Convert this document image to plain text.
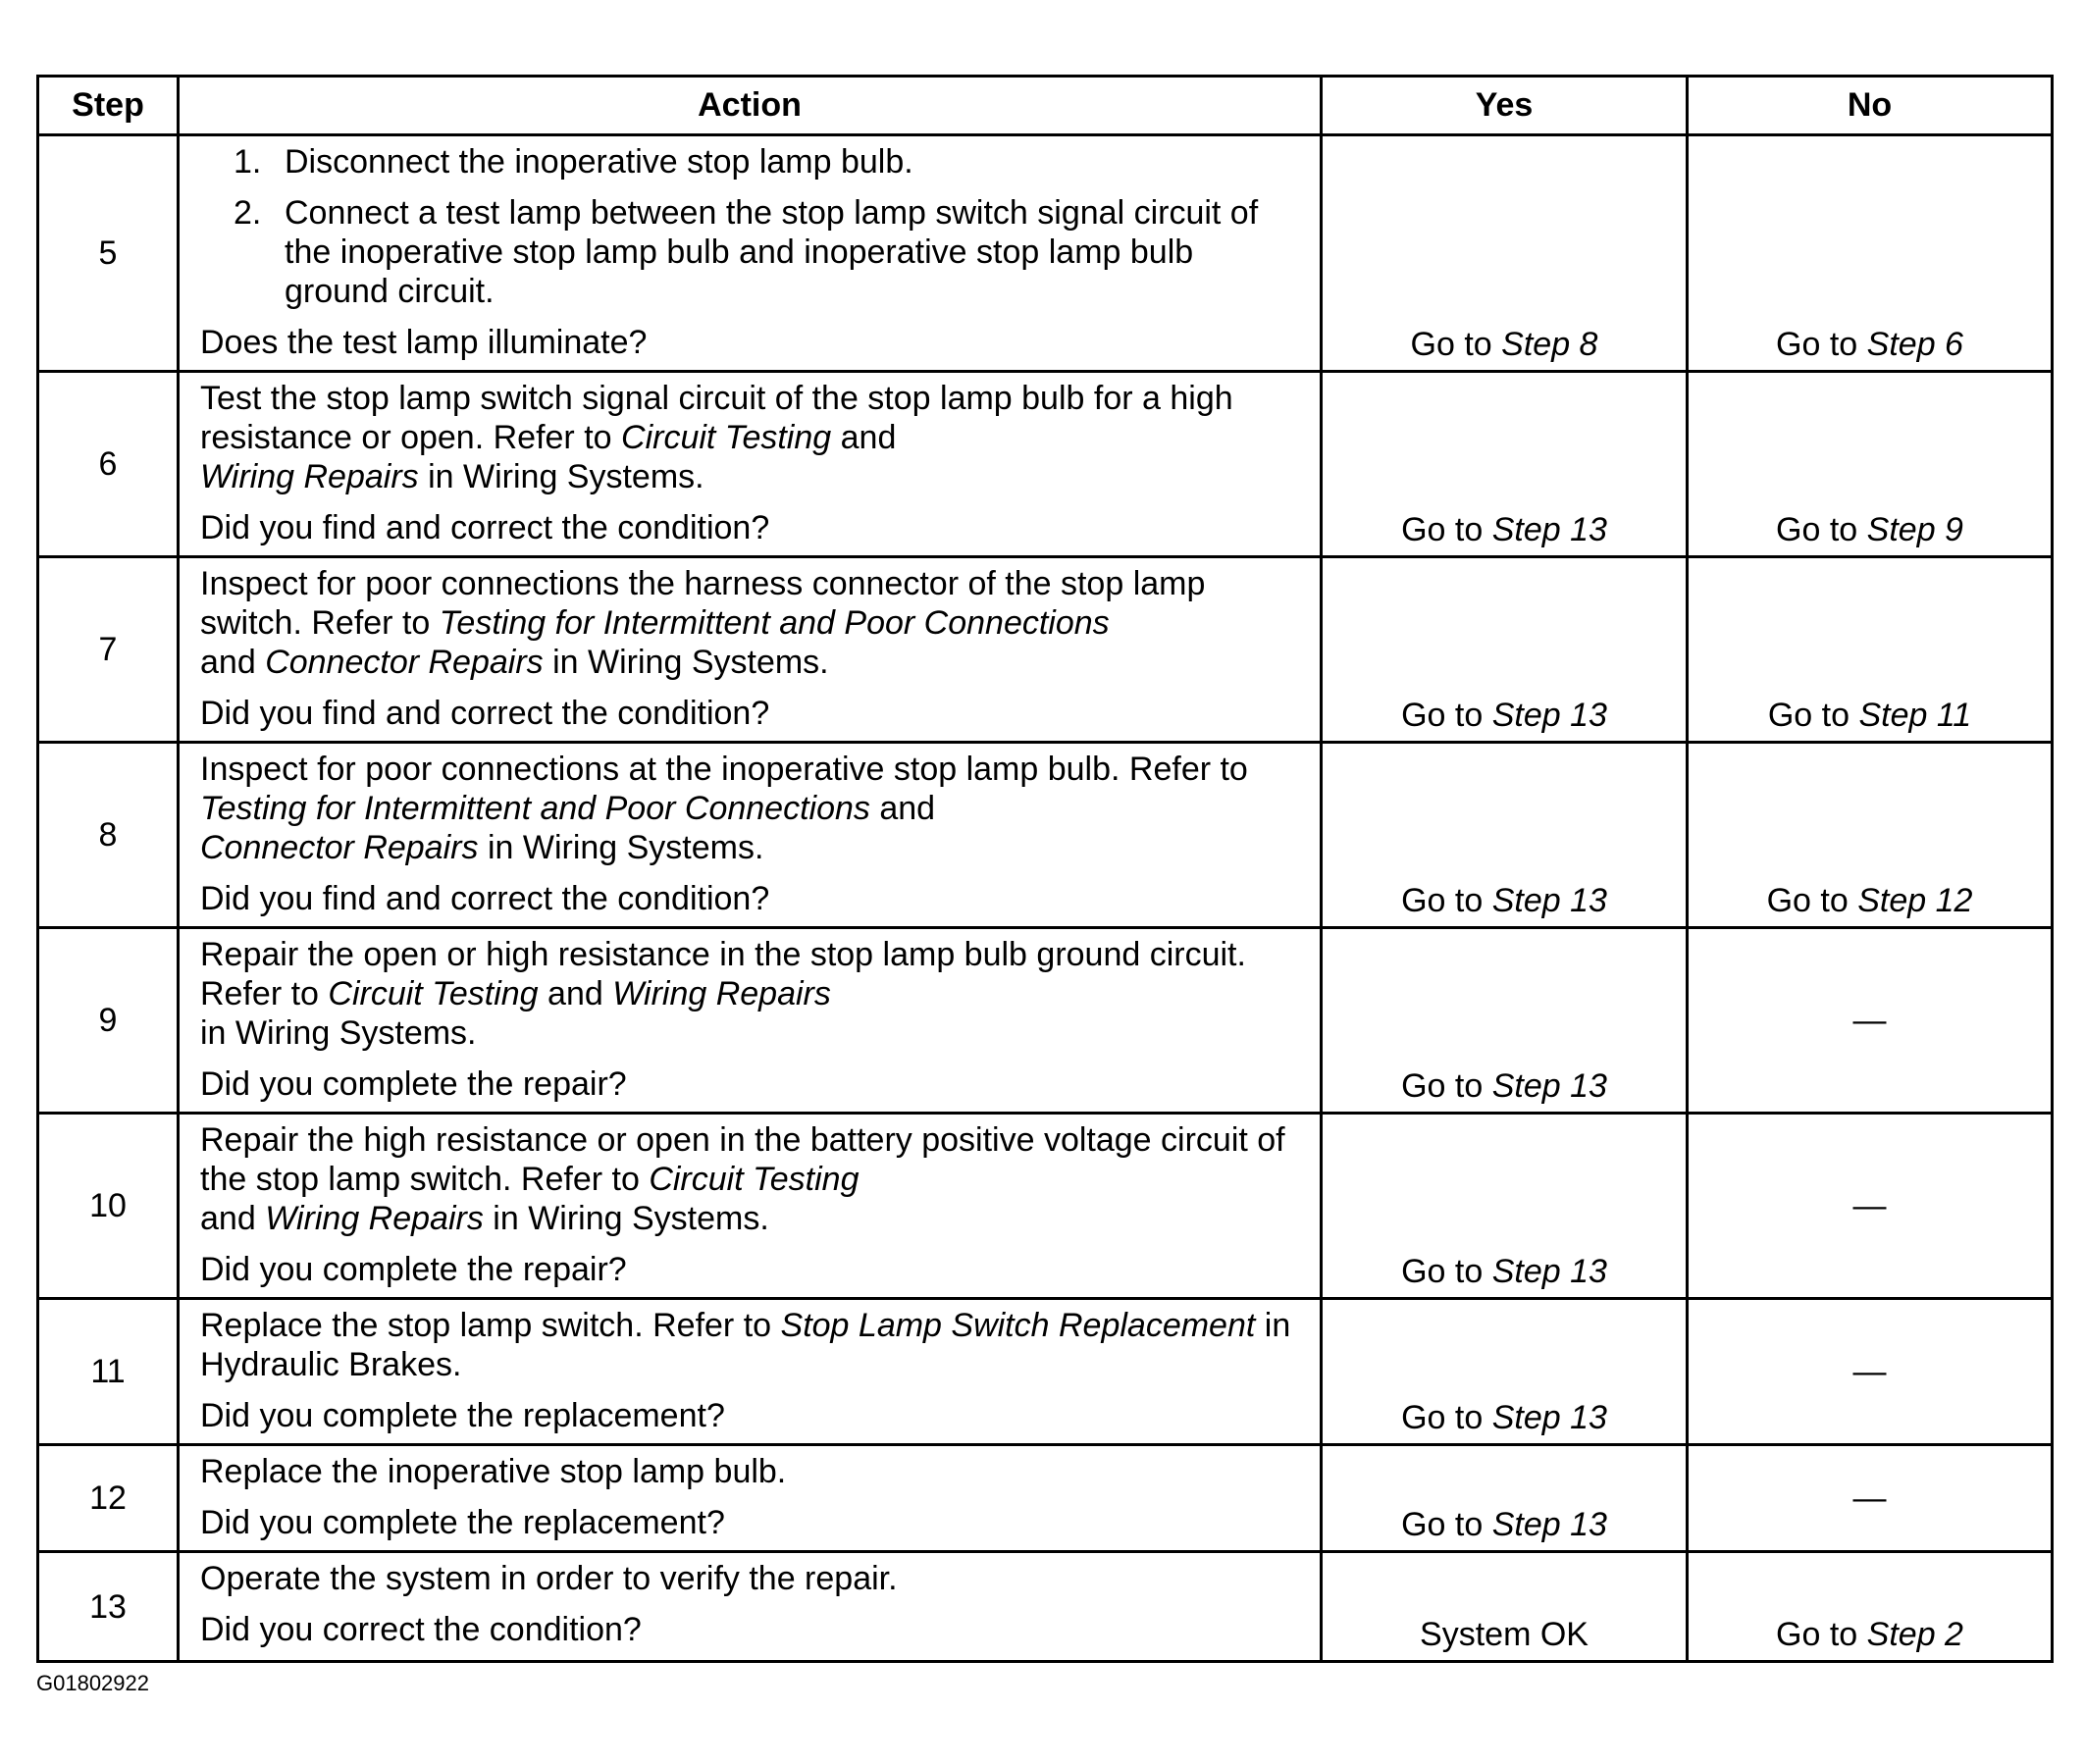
Step	Action	Yes	No
5	1. Disconnect the inoperative stop lamp bulb.
2. Connect a test lamp between the stop lamp switch signal circuit of the inoperative stop lamp bulb and inoperative stop lamp bulb ground circuit.
Does the test lamp illuminate?	Go to Step 8	Go to Step 6
6	Test the stop lamp switch signal circuit of the stop lamp bulb for a high resistance or open. Refer to Circuit Testing and
Wiring Repairs in Wiring Systems.
Did you find and correct the condition?	Go to Step 13	Go to Step 9
7	Inspect for poor connections the harness connector of the stop lamp switch. Refer to Testing for Intermittent and Poor Connections
and Connector Repairs in Wiring Systems.
Did you find and correct the condition?	Go to Step 13	Go to Step 11
8	Inspect for poor connections at the inoperative stop lamp bulb. Refer to Testing for Intermittent and Poor Connections and
Connector Repairs in Wiring Systems.
Did you find and correct the condition?	Go to Step 13	Go to Step 12
9	Repair the open or high resistance in the stop lamp bulb ground circuit. Refer to Circuit Testing and Wiring Repairs
in Wiring Systems.
Did you complete the repair?	Go to Step 13	—
10	Repair the high resistance or open in the battery positive voltage circuit of the stop lamp switch. Refer to Circuit Testing
and Wiring Repairs in Wiring Systems.
Did you complete the repair?	Go to Step 13	—
11	Replace the stop lamp switch. Refer to Stop Lamp Switch Replacement in Hydraulic Brakes.
Did you complete the replacement?	Go to Step 13	—
12	Replace the inoperative stop lamp bulb.
Did you complete the replacement?	Go to Step 13	—
13	Operate the system in order to verify the repair.
Did you correct the condition?	System OK	Go to Step 2
G01802922
